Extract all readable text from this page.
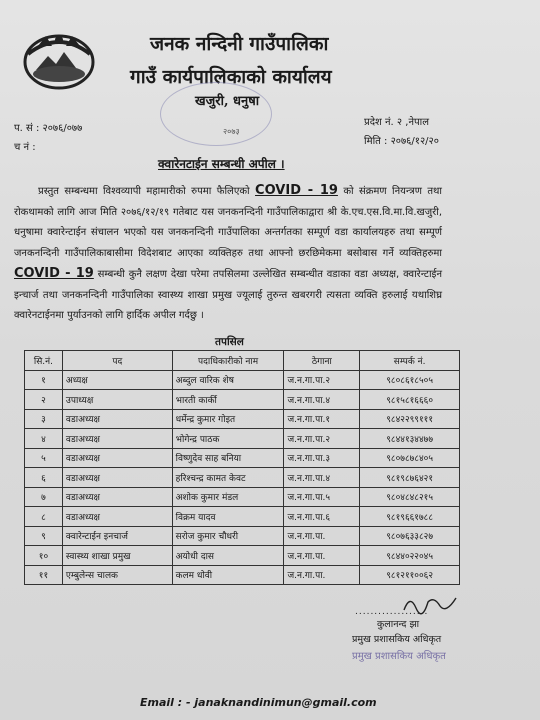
जनक नन्दिनी गाउँपालिका
गाउँ कार्यपालिकाको कार्यालय
खजुरी, धनुषा
२०७३
प. सं : २०७६/०७७
च नं :
प्रदेश नं. २ ,नेपाल
मिति : २०७६/१२/२०
क्वारेनटाईन सम्बन्धी अपील ।
प्रस्तुत सम्बन्धमा विश्वव्यापी महामारीको रुपमा फैलिएको COVID - 19 को संक्रमण नियन्त्रण तथा रोकथामको लागि आज मिति २०७६/१२/१९ गतेबाट यस जनकनन्दिनी गाउँपालिकाद्वारा श्री के.एच.एस.वि.मा.वि.खजुरी, धनुषामा क्वारेन्टाईन संचालन भएको यस जनकनन्दिनी गाउँपालिका अन्तर्गतका सम्पूर्ण वडा कार्यालयहरु तथा सम्पूर्ण जनकनन्दिनी गाउँपालिकाबासीमा विदेशबाट आएका व्यक्तिहरु तथा आफ्नो छरछिमेकमा बसोबास गर्ने व्यक्तिहरुमा COVID - 19 सम्बन्धी कुनै लक्षण देखा परेमा तपसिलमा उल्लेखित सम्बन्धीत वडाका वडा अध्यक्ष, क्वारेन्टाईन इन्चार्ज तथा जनकनन्दिनी गाउँपालिका स्वास्थ्य शाखा प्रमुख ज्यूलाई तुरुन्त खबरगरी त्यसता व्यक्ति हरुलाई यथाशिघ्र क्वारेनटाईनमा पुर्याउनको लागि हार्दिक अपील गर्दछु ।
तपसिल
सि.नं.	पद	पदाधिकारीको नाम	ठेगाना	सम्पर्क नं.
१	अध्यक्ष	अब्दुल वारिक शेष	ज.न.गा.पा.२	९८०८६१८५०५
२	उपाध्यक्ष	भारती कार्की	ज.न.गा.पा.४	९८१५८१६६६०
३	वडाअध्यक्ष	धर्मेन्द्र कुमार गोइत	ज.न.गा.पा.१	९८४२२९९१११
४	वडाअध्यक्ष	भोगेन्द्र पाठक	ज.न.गा.पा.२	९८४४१३४४७७
५	वडाअध्यक्ष	विष्णुदेव साह बनिया	ज.न.गा.पा.३	९८०७८७८४०५
६	वडाअध्यक्ष	हरिश्चन्द्र कामत केवट	ज.न.गा.पा.४	९८१९८७६४२१
७	वडाअध्यक्ष	अशोक कुमार मंडल	ज.न.गा.पा.५	९८०४८४८२१५
८	वडाअध्यक्ष	विक्रम यादव	ज.न.गा.पा.६	९८१९६६१७८८
९	क्वारेन्टाईन इनचार्ज	सरोज कुमार चौधरी	ज.न.गा.पा.	९८०७६३३८२७
१०	स्वास्थ्य शाखा प्रमुख	अयोधी दास	ज.न.गा.पा.	९८४४०२२०४५
११	एम्बुलेन्स चालक	कलम धोवी	ज.न.गा.पा.	९८१२११००६२
...................
कुलानन्द झा
प्रमुख प्रशासकिय अधिकृत
प्रमुख प्रशासकिय अधिकृत
Email : - janaknandinimun@gmail.com
